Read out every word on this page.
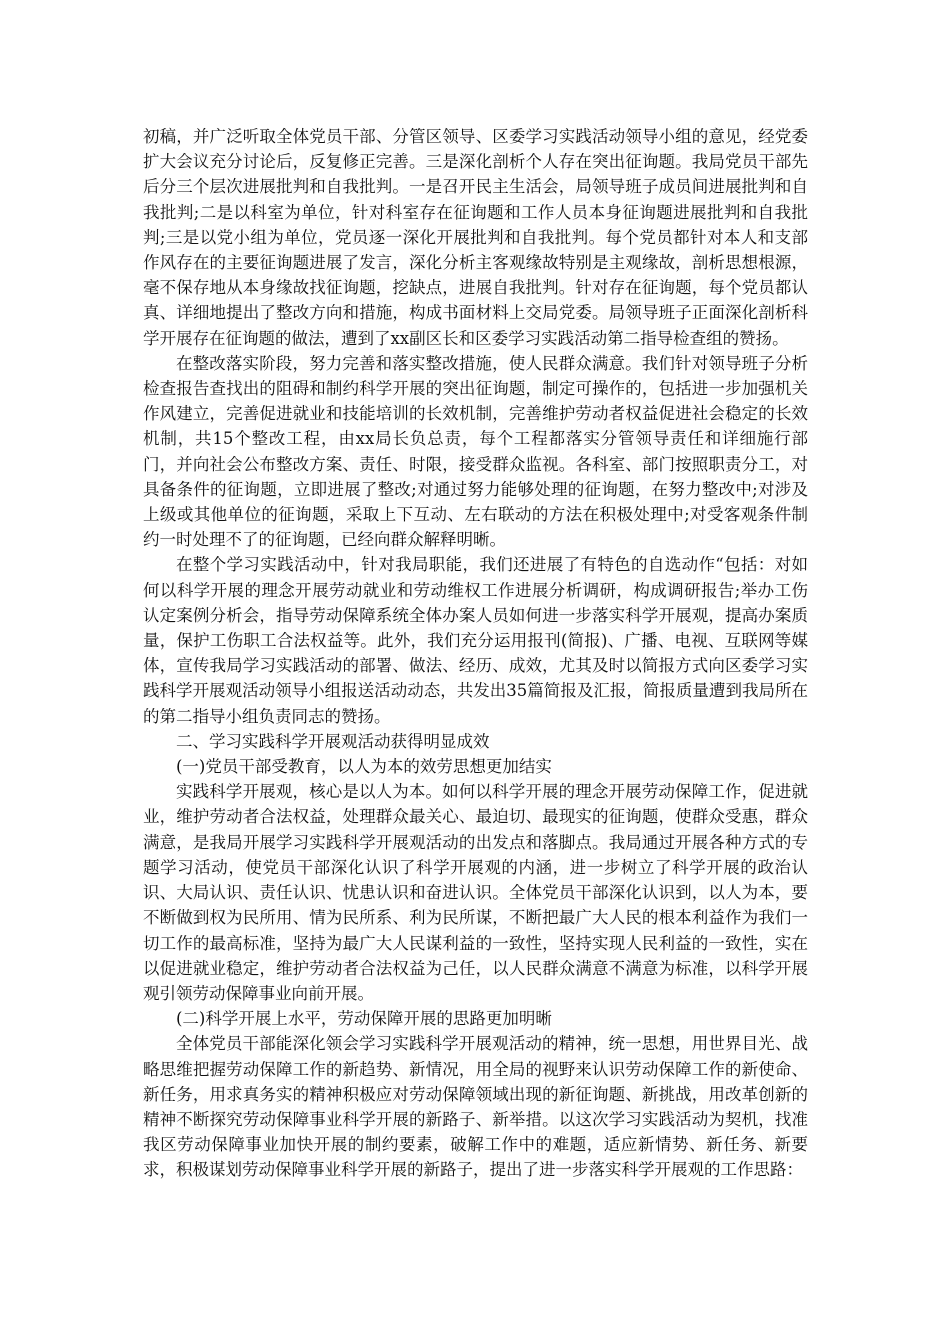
初稿，并广泛听取全体党员干部、分管区领导、区委学习实践活动领导小组的意见，经党委扩大会议充分讨论后，反复修正完善。三是深化剖析个人存在突出征询题。我局党员干部先后分三个层次进展批判和自我批判。一是召开民主生活会，局领导班子成员间进展批判和自我批判;二是以科室为单位，针对科室存在征询题和工作人员本身征询题进展批判和自我批判;三是以党小组为单位，党员逐一深化开展批判和自我批判。每个党员都针对本人和支部作风存在的主要征询题进展了发言，深化分析主客观缘故特别是主观缘故，剖析思想根源，毫不保存地从本身缘故找征询题，挖缺点，进展自我批判。针对存在征询题，每个党员都认真、详细地提出了整改方向和措施，构成书面材料上交局党委。局领导班子正面深化剖析科学开展存在征询题的做法，遭到了xx副区长和区委学习实践活动第二指导检查组的赞扬。

在整改落实阶段，努力完善和落实整改措施，使人民群众满意。我们针对领导班子分析检查报告查找出的阻碍和制约科学开展的突出征询题，制定可操作的，包括进一步加强机关作风建立，完善促进就业和技能培训的长效机制，完善维护劳动者权益促进社会稳定的长效机制，共15个整改工程，由xx局长负总责，每个工程都落实分管领导责任和详细施行部门，并向社会公布整改方案、责任、时限，接受群众监视。各科室、部门按照职责分工，对具备条件的征询题，立即进展了整改;对通过努力能够处理的征询题，在努力整改中;对涉及上级或其他单位的征询题，采取上下互动、左右联动的方法在积极处理中;对受客观条件制约一时处理不了的征询题，已经向群众解释明晰。

在整个学习实践活动中，针对我局职能，我们还进展了有特色的自选动作“包括：对如何以科学开展的理念开展劳动就业和劳动维权工作进展分析调研，构成调研报告;举办工伤认定案例分析会，指导劳动保障系统全体办案人员如何进一步落实科学开展观，提高办案质量，保护工伤职工合法权益等。此外，我们充分运用报刊(简报)、广播、电视、互联网等媒体，宣传我局学习实践活动的部署、做法、经历、成效，尤其及时以简报方式向区委学习实践科学开展观活动领导小组报送活动动态，共发出35篇简报及汇报，简报质量遭到我局所在的第二指导小组负责同志的赞扬。

二、学习实践科学开展观活动获得明显成效

(一)党员干部受教育，以人为本的效劳思想更加结实

实践科学开展观，核心是以人为本。如何以科学开展的理念开展劳动保障工作，促进就业，维护劳动者合法权益，处理群众最关心、最迫切、最现实的征询题，使群众受惠，群众满意，是我局开展学习实践科学开展观活动的出发点和落脚点。我局通过开展各种方式的专题学习活动，使党员干部深化认识了科学开展观的内涵，进一步树立了科学开展的政治认识、大局认识、责任认识、忧患认识和奋进认识。全体党员干部深化认识到，以人为本，要不断做到权为民所用、情为民所系、利为民所谋，不断把最广大人民的根本利益作为我们一切工作的最高标准，坚持为最广大人民谋利益的一致性，坚持实现人民利益的一致性，实在以促进就业稳定，维护劳动者合法权益为己任，以人民群众满意不满意为标准，以科学开展观引领劳动保障事业向前开展。

(二)科学开展上水平，劳动保障开展的思路更加明晰

全体党员干部能深化领会学习实践科学开展观活动的精神，统一思想，用世界目光、战略思维把握劳动保障工作的新趋势、新情况，用全局的视野来认识劳动保障工作的新使命、新任务，用求真务实的精神积极应对劳动保障领域出现的新征询题、新挑战，用改革创新的精神不断探究劳动保障事业科学开展的新路子、新举措。以这次学习实践活动为契机，找准我区劳动保障事业加快开展的制约要素，破解工作中的难题，适应新情势、新任务、新要求，积极谋划劳动保障事业科学开展的新路子，提出了进一步落实科学开展观的工作思路：
